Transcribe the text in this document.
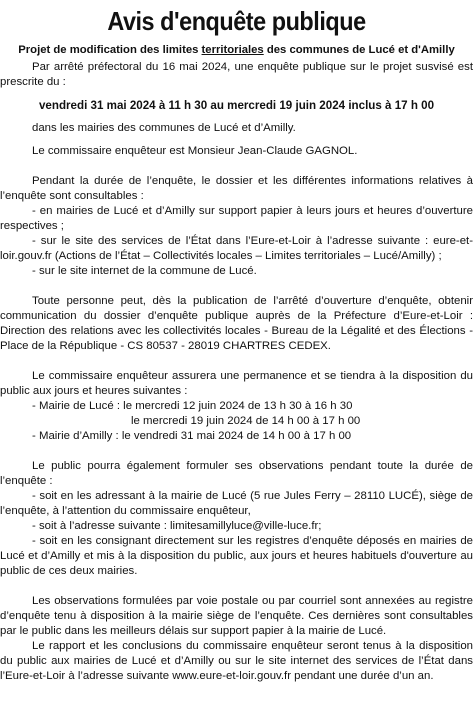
Avis d'enquête publique
Projet de modification des limites territoriales des communes de Lucé et d'Amilly

Par arrêté préfectoral du 16 mai 2024, une enquête publique sur le projet susvisé est prescrite du :

vendredi 31 mai 2024 à 11 h 30 au mercredi 19 juin 2024 inclus à 17 h 00

dans les mairies des communes de Lucé et d’Amilly.

Le commissaire enquêteur est Monsieur Jean-Claude GAGNOL.

Pendant la durée de l’enquête, le dossier et les différentes informations relatives à l’enquête sont consultables :

- en mairies de Lucé et d’Amilly sur support papier à leurs jours et heures d’ouverture respectives ;

- sur le site des services de l’État dans l’Eure-et-Loir à l’adresse suivante : eure-et-loir.gouv.fr (Actions de l’État – Collectivités locales – Limites territoriales – Lucé/Amilly) ;

- sur le site internet de la commune de Lucé.

Toute personne peut, dès la publication de l’arrêté d’ouverture d’enquête, obtenir communication du dossier d’enquête publique auprès de la Préfecture d’Eure-et-Loir : Direction des relations avec les collectivités locales - Bureau de la Légalité et des Élections - Place de la République - CS 80537 - 28019 CHARTRES CEDEX.

Le commissaire enquêteur assurera une permanence et se tiendra à la disposition du public aux jours et heures suivantes :

- Mairie de Lucé : le mercredi 12 juin 2024 de 13 h 30 à 16 h 30

le mercredi 19 juin 2024 de 14 h 00 à 17 h 00

- Mairie d’Amilly : le vendredi 31 mai 2024 de 14 h 00 à 17 h 00

Le public pourra également formuler ses observations pendant toute la durée de l’enquête :

- soit en les adressant à la mairie de Lucé (5 rue Jules Ferry – 28110 LUCÉ), siège de l’enquête, à l’attention du commissaire enquêteur,

- soit à l’adresse suivante : limitesamillyluce@ville-luce.fr;

- soit en les consignant directement sur les registres d’enquête déposés en mairies de Lucé et d’Amilly et mis à la disposition du public, aux jours et heures habituels d'ouverture au public de ces deux mairies.

Les observations formulées par voie postale ou par courriel sont annexées au registre d’enquête tenu à disposition à la mairie siège de l’enquête. Ces dernières sont consultables par le public dans les meilleurs délais sur support papier à la mairie de Lucé.

Le rapport et les conclusions du commissaire enquêteur seront tenus à la disposition du public aux mairies de Lucé et d’Amilly ou sur le site internet des services de l’État dans l’Eure-et-Loir à l’adresse suivante www.eure-et-loir.gouv.fr pendant une durée d’un an.
